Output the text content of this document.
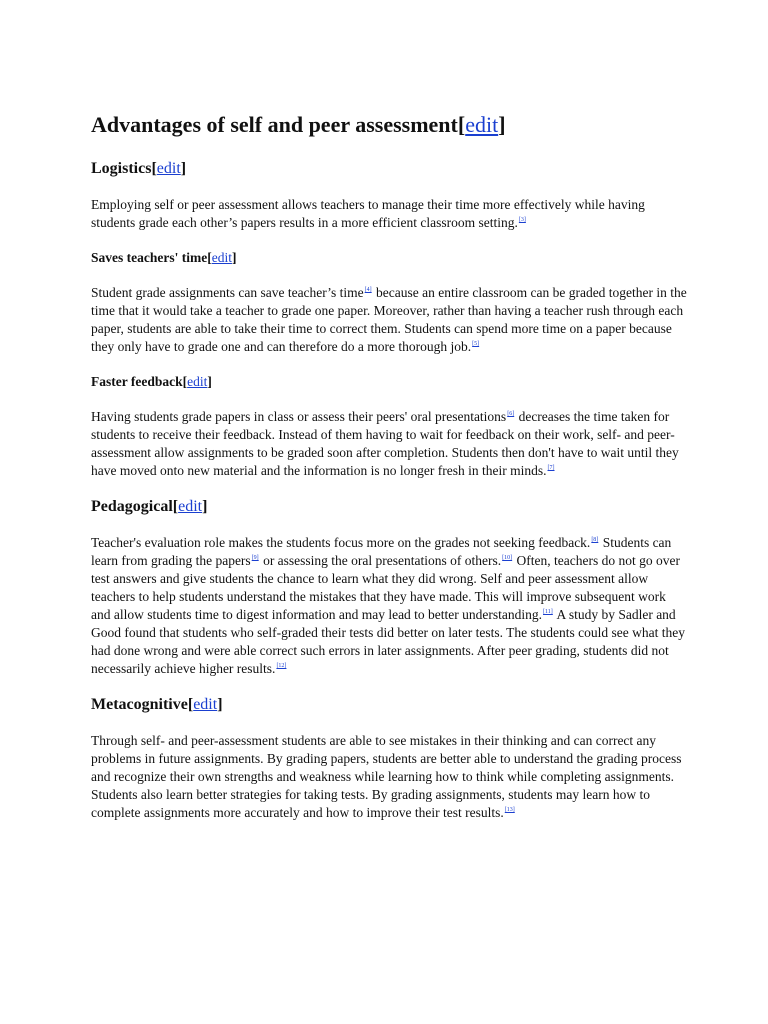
Advantages of self and peer assessment[edit]
Logistics[edit]

Employing self or peer assessment allows teachers to manage their time more effectively while having students grade each other’s papers results in a more efficient classroom setting.[3]

Saves teachers' time[edit]

Student grade assignments can save teacher’s time[4] because an entire classroom can be graded together in the time that it would take a teacher to grade one paper. Moreover, rather than having a teacher rush through each paper, students are able to take their time to correct them. Students can spend more time on a paper because they only have to grade one and can therefore do a more thorough job.[5]

Faster feedback[edit]

Having students grade papers in class or assess their peers' oral presentations[6] decreases the time taken for students to receive their feedback. Instead of them having to wait for feedback on their work, self- and peer-assessment allow assignments to be graded soon after completion. Students then don't have to wait until they have moved onto new material and the information is no longer fresh in their minds.[7]

Pedagogical[edit]

Teacher's evaluation role makes the students focus more on the grades not seeking feedback.[8] Students can learn from grading the papers[9] or assessing the oral presentations of others.[10] Often, teachers do not go over test answers and give students the chance to learn what they did wrong. Self and peer assessment allow teachers to help students understand the mistakes that they have made. This will improve subsequent work and allow students time to digest information and may lead to better understanding.[11] A study by Sadler and Good found that students who self-graded their tests did better on later tests. The students could see what they had done wrong and were able correct such errors in later assignments. After peer grading, students did not necessarily achieve higher results.[12]

Metacognitive[edit]

Through self- and peer-assessment students are able to see mistakes in their thinking and can correct any problems in future assignments. By grading papers, students are better able to understand the grading process and recognize their own strengths and weakness while learning how to think while completing assignments. Students also learn better strategies for taking tests. By grading assignments, students may learn how to complete assignments more accurately and how to improve their test results.[13]
